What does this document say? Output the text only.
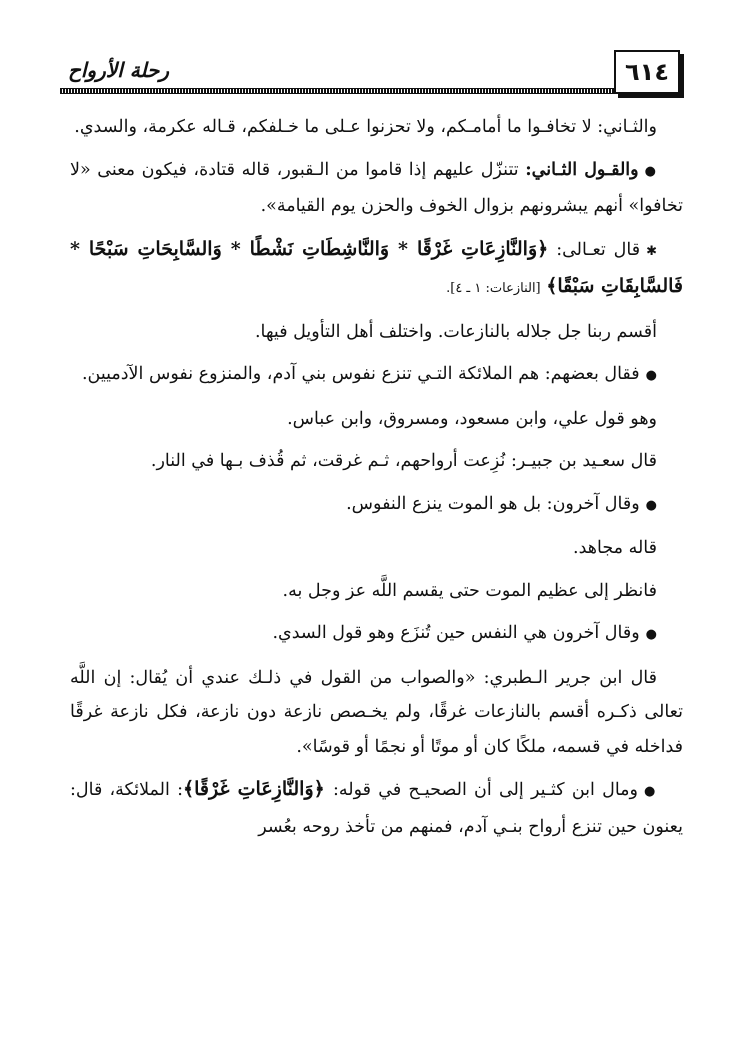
رحلة الأرواح	٦١٤

والثـاني: لا تخافـوا ما أمامـكم، ولا تحزنوا عـلى ما خـلفكم، قـاله عكرمة، والسدي.

●والقـول الثـاني: تتنزّل عليهم إذا قاموا من الـقبور، قاله قتادة، فيكون معنى «لا تخافوا» أنهم يبشرونهم بزوال الخوف والحزن يوم القيامة».

✱قال تعـالى: ﴿وَالنَّازِعَاتِ غَرْقًا * وَالنَّاشِطَاتِ نَشْطًا * وَالسَّابِحَاتِ سَبْحًا * فَالسَّابِقَاتِ سَبْقًا﴾ [النازعات: ١ ـ ٤].

أقسم ربنا جل جلاله بالنازعات. واختلف أهل التأويل فيها.

●فقال بعضهم: هم الملائكة التـي تنزع نفوس بني آدم، والمنزوع نفوس الآدميين.

وهو قول علي، وابن مسعود، ومسروق، وابن عباس.

قال سعـيد بن جبيـر: نُزِعت أرواحهم، ثـم غرقت، ثم قُذف بـها في النار.

●وقال آخرون: بل هو الموت ينزع النفوس.

قاله مجاهد.

فانظر إلى عظيم الموت حتى يقسم اللَّه عز وجل به.

●وقال آخرون هي النفس حين تُنزَع وهو قول السدي.

قال ابن جرير الـطبري: «والصواب من القول في ذلـك عندي أن يُقال: إن اللَّه تعالى ذكـره أقسم بالنازعات غرقًا، ولم يخـصص نازعة دون نازعة، فكل نازعة غرقًا فداخله في قسمه، ملكًا كان أو موتًا أو نجمًا أو قوسًا».

●ومال ابن كثـير إلى أن الصحيـح في قوله: ﴿وَالنَّازِعَاتِ غَرْقًا﴾: الملائكة، قال: يعنون حين تنزع أرواح بنـي آدم، فمنهم من تأخذ روحه بعُسر
